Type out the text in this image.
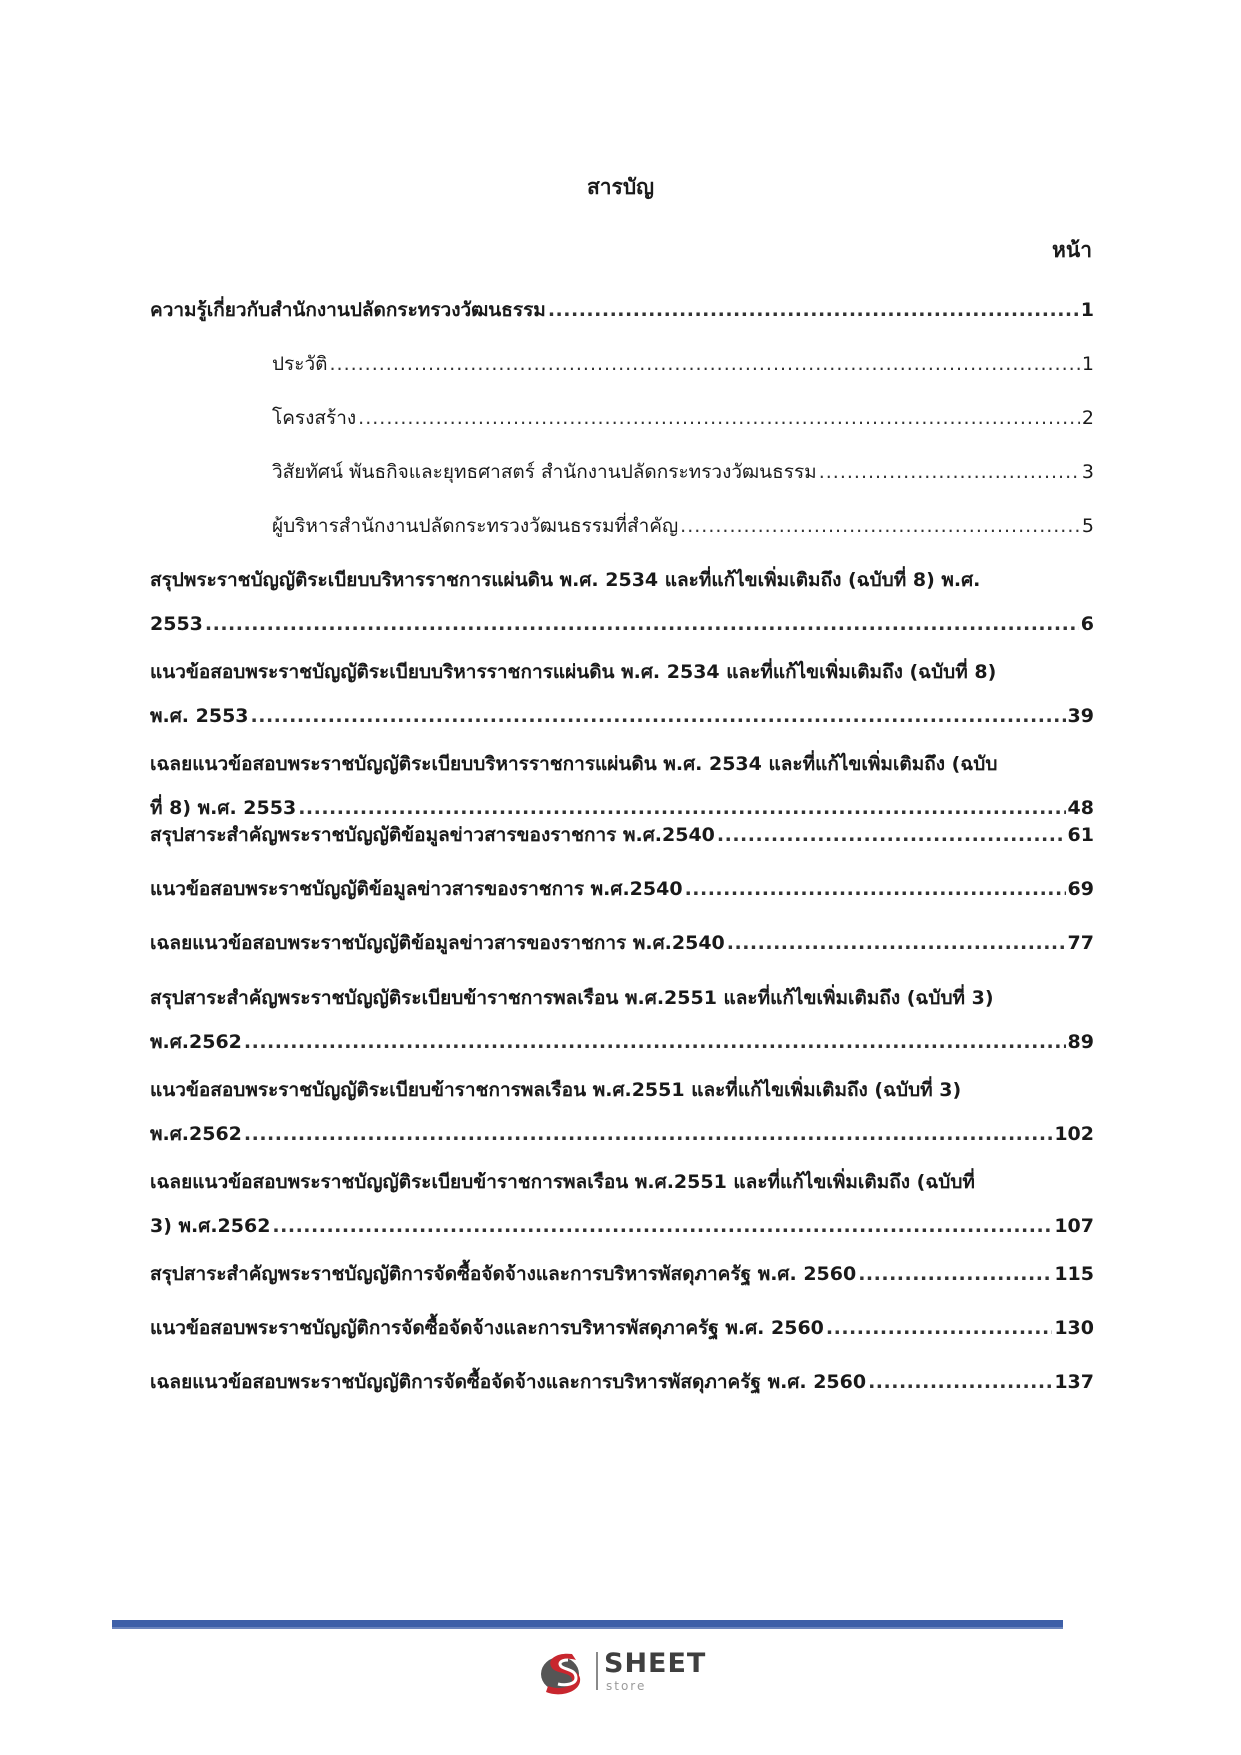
สารบัญ
หน้า
ความรู้เกี่ยวกับสำนักงานปลัดกระทรวงวัฒนธรรม .....	1
ประวัติ .....	1
โครงสร้าง .....	2
วิสัยทัศน์ พันธกิจและยุทธศาสตร์ สำนักงานปลัดกระทรวงวัฒนธรรม .....	3
ผู้บริหารสำนักงานปลัดกระทรวงวัฒนธรรมที่สำคัญ .....	5
สรุปพระราชบัญญัติระเบียบบริหารราชการแผ่นดิน พ.ศ. 2534 และที่แก้ไขเพิ่มเติมถึง (ฉบับที่ 8) พ.ศ.
2553 .....	6
แนวข้อสอบพระราชบัญญัติระเบียบบริหารราชการแผ่นดิน พ.ศ. 2534 และที่แก้ไขเพิ่มเติมถึง (ฉบับที่ 8)
พ.ศ. 2553 .....	39
เฉลยแนวข้อสอบพระราชบัญญัติระเบียบบริหารราชการแผ่นดิน พ.ศ. 2534 และที่แก้ไขเพิ่มเติมถึง (ฉบับ
ที่ 8) พ.ศ. 2553 .....	48
สรุปสาระสำคัญพระราชบัญญัติข้อมูลข่าวสารของราชการ พ.ศ.2540 .....	61
แนวข้อสอบพระราชบัญญัติข้อมูลข่าวสารของราชการ พ.ศ.2540 .....	69
เฉลยแนวข้อสอบพระราชบัญญัติข้อมูลข่าวสารของราชการ พ.ศ.2540 .....	77
สรุปสาระสำคัญพระราชบัญญัติระเบียบข้าราชการพลเรือน พ.ศ.2551 และที่แก้ไขเพิ่มเติมถึง (ฉบับที่ 3)
พ.ศ.2562 .....	89
แนวข้อสอบพระราชบัญญัติระเบียบข้าราชการพลเรือน พ.ศ.2551 และที่แก้ไขเพิ่มเติมถึง (ฉบับที่ 3)
พ.ศ.2562 .....	102
เฉลยแนวข้อสอบพระราชบัญญัติระเบียบข้าราชการพลเรือน พ.ศ.2551 และที่แก้ไขเพิ่มเติมถึง (ฉบับที่
3) พ.ศ.2562 .....	107
สรุปสาระสำคัญพระราชบัญญัติการจัดซื้อจัดจ้างและการบริหารพัสดุภาครัฐ พ.ศ. 2560 .....	115
แนวข้อสอบพระราชบัญญัติการจัดซื้อจัดจ้างและการบริหารพัสดุภาครัฐ พ.ศ. 2560 .....	130
เฉลยแนวข้อสอบพระราชบัญญัติการจัดซื้อจัดจ้างและการบริหารพัสดุภาครัฐ พ.ศ. 2560 .....	137
SHEET
store
